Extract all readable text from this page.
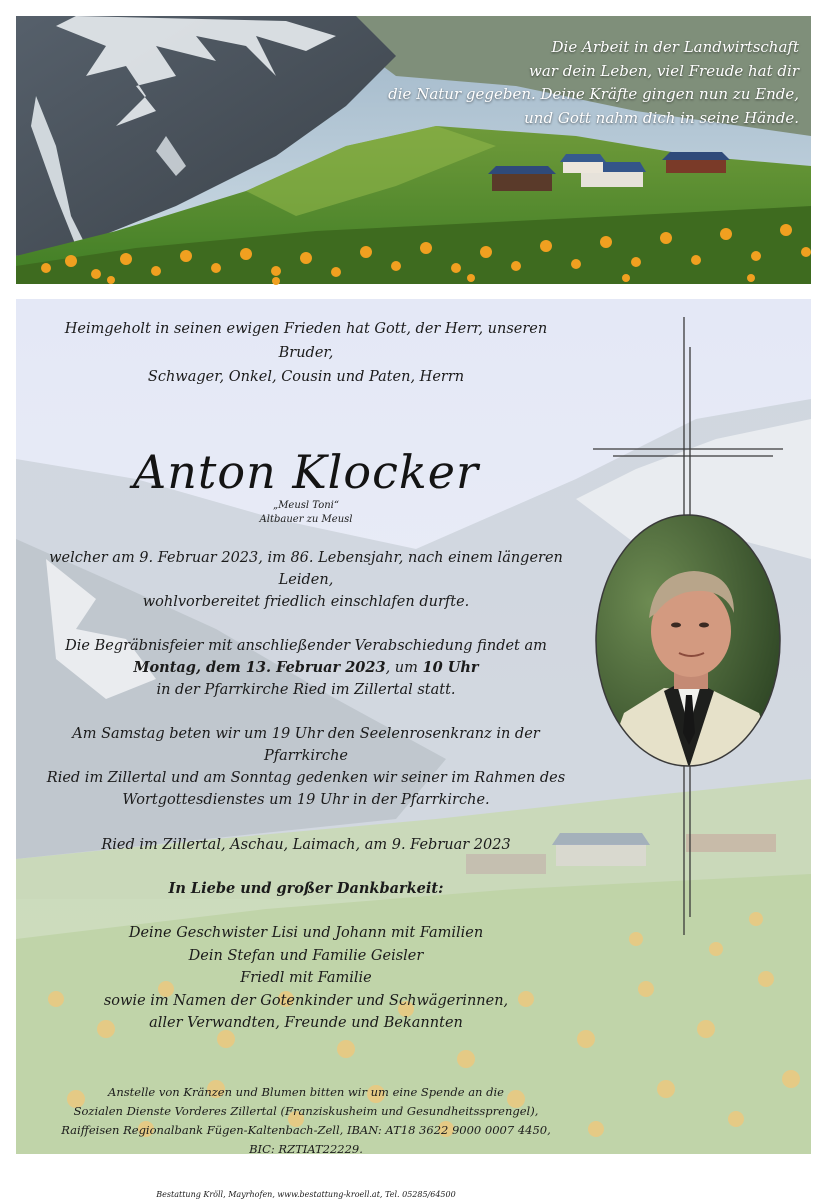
Die Arbeit in der Landwirtschaft
war dein Leben, viel Freude hat dir
die Natur gegeben. Deine Kräfte gingen nun zu Ende,
und Gott nahm dich in seine Hände.
Heimgeholt in seinen ewigen Frieden hat Gott, der Herr, unseren Bruder,
Schwager, Onkel, Cousin und Paten, Herrn
Anton Klocker
„Meusl Toni“
Altbauer zu Meusl
welcher am 9. Februar 2023, im 86. Lebensjahr, nach einem längeren Leiden,
wohlvorbereitet friedlich einschlafen durfte.
Die Begräbnisfeier mit anschließender Verabschiedung findet am
Montag, dem 13. Februar 2023, um 10 Uhr
in der Pfarrkirche Ried im Zillertal statt.
Am Samstag beten wir um 19 Uhr den Seelenrosenkranz in der Pfarrkirche
Ried im Zillertal und am Sonntag gedenken wir seiner im Rahmen des
Wortgottesdienstes um 19 Uhr in der Pfarrkirche.
Ried im Zillertal, Aschau, Laimach, am 9. Februar 2023
In Liebe und großer Dankbarkeit:
Deine Geschwister Lisi und Johann mit Familien
Dein Stefan und Familie Geisler
Friedl mit Familie
sowie im Namen der Gotenkinder und Schwägerinnen,
aller Verwandten, Freunde und Bekannten
Anstelle von Kränzen und Blumen bitten wir um eine Spende an die
Sozialen Dienste Vorderes Zillertal (Franziskusheim und Gesundheitssprengel),
Raiffeisen Regionalbank Fügen-Kaltenbach-Zell, IBAN: AT18 3622 9000 0007 4450,
BIC: RZTIAT22229.
Bestattung Kröll, Mayrhofen, www.bestattung-kroell.at, Tel. 05285/64500
